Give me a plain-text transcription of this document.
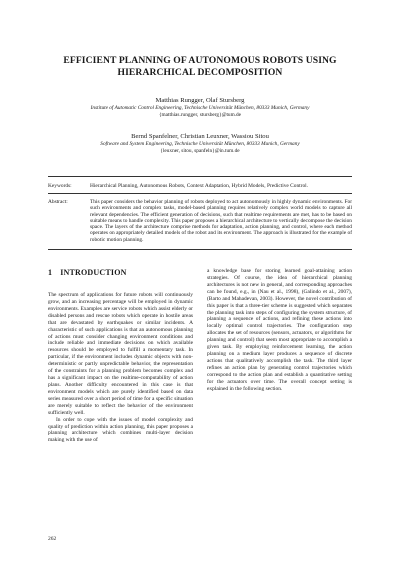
EFFICIENT PLANNING OF AUTONOMOUS ROBOTS USING HIERARCHICAL DECOMPOSITION
Matthias Rungger, Olaf Stursberg
Institute of Automatic Control Engineering, Technische Universität München, 80333 Munich, Germany
{matthias.rungger, stursberg}@tum.de
Bernd Spanfelner, Christian Leuxner, Wassiou Sitou
Software and System Engineering, Technische Universität München, 80333 Munich, Germany
{leuxner, sitou, spanfeln}@in.tum.de
Keywords:	Hierarchical Planning, Autonomous Robots, Context Adaptation, Hybrid Models, Predictive Control.
Abstract:	This paper considers the behavior planning of robots deployed to act autonomously in highly dynamic environments. For such environments and complex tasks, model-based planning requires relatively complex world models to capture all relevant dependencies. The efficient generation of decisions, such that realtime requirements are met, has to be based on suitable means to handle complexity. This paper proposes a hierarchical architecture to vertically decompose the decision space. The layers of the architecture comprise methods for adaptation, action planning, and control, where each method operates on appropriately detailed models of the robot and its environment. The approach is illustrated for the example of robotic motion planning.
1 INTRODUCTION

The spectrum of applications for future robots will continuously grow, and an increasing percentage will be employed in dynamic environments. Examples are service robots which assist elderly or disabled persons and rescue robots which operate in hostile areas that are devastated by earthquakes or similar incidents. A characteristic of such applications is that an autonomous planning of actions must consider changing environment conditions and include reliable and immediate decisions on which available resources should be employed to fulfill a momentary task. In particular, if the environment includes dynamic objects with non-deterministic or partly unpredictable behavior, the representation of the constraints for a planning problem becomes complex and has a significant impact on the realtime-computability of action plans. Another difficulty encountered in this case is that environment models which are purely identified based on data series measured over a short period of time for a specific situation are merely suitable to reflect the behavior of the environment sufficiently well.

In order to cope with the issues of model complexity and quality of prediction within action planning, this paper proposes a planning architecture which combines multi-layer decision making with the use of

a knowledge base for storing learned goal-attaining action strategies. Of course, the idea of hierarchical planning architectures is not new in general, and corresponding approaches can be found, e.g., in (Nau et al., 1998), (Galindo et al., 2007), (Barto and Mahadevan, 2003). However, the novel contribution of this paper is that a three-tier scheme is suggested which separates the planning task into steps of configuring the system structure, of planning a sequence of actions, and refining these actions into locally optimal control trajectories. The configuration step allocates the set of resources (sensors, actuators, or algorithms for planning and control) that seem most appropriate to accomplish a given task. By employing reinforcement learning, the action planning on a medium layer produces a sequence of discrete actions that qualitatively accomplish the task. The third layer refines an action plan by generating control trajectories which correspond to the action plan and establish a quantitative setting for the actuators over time. The overall concept setting is explained in the following section.

262
